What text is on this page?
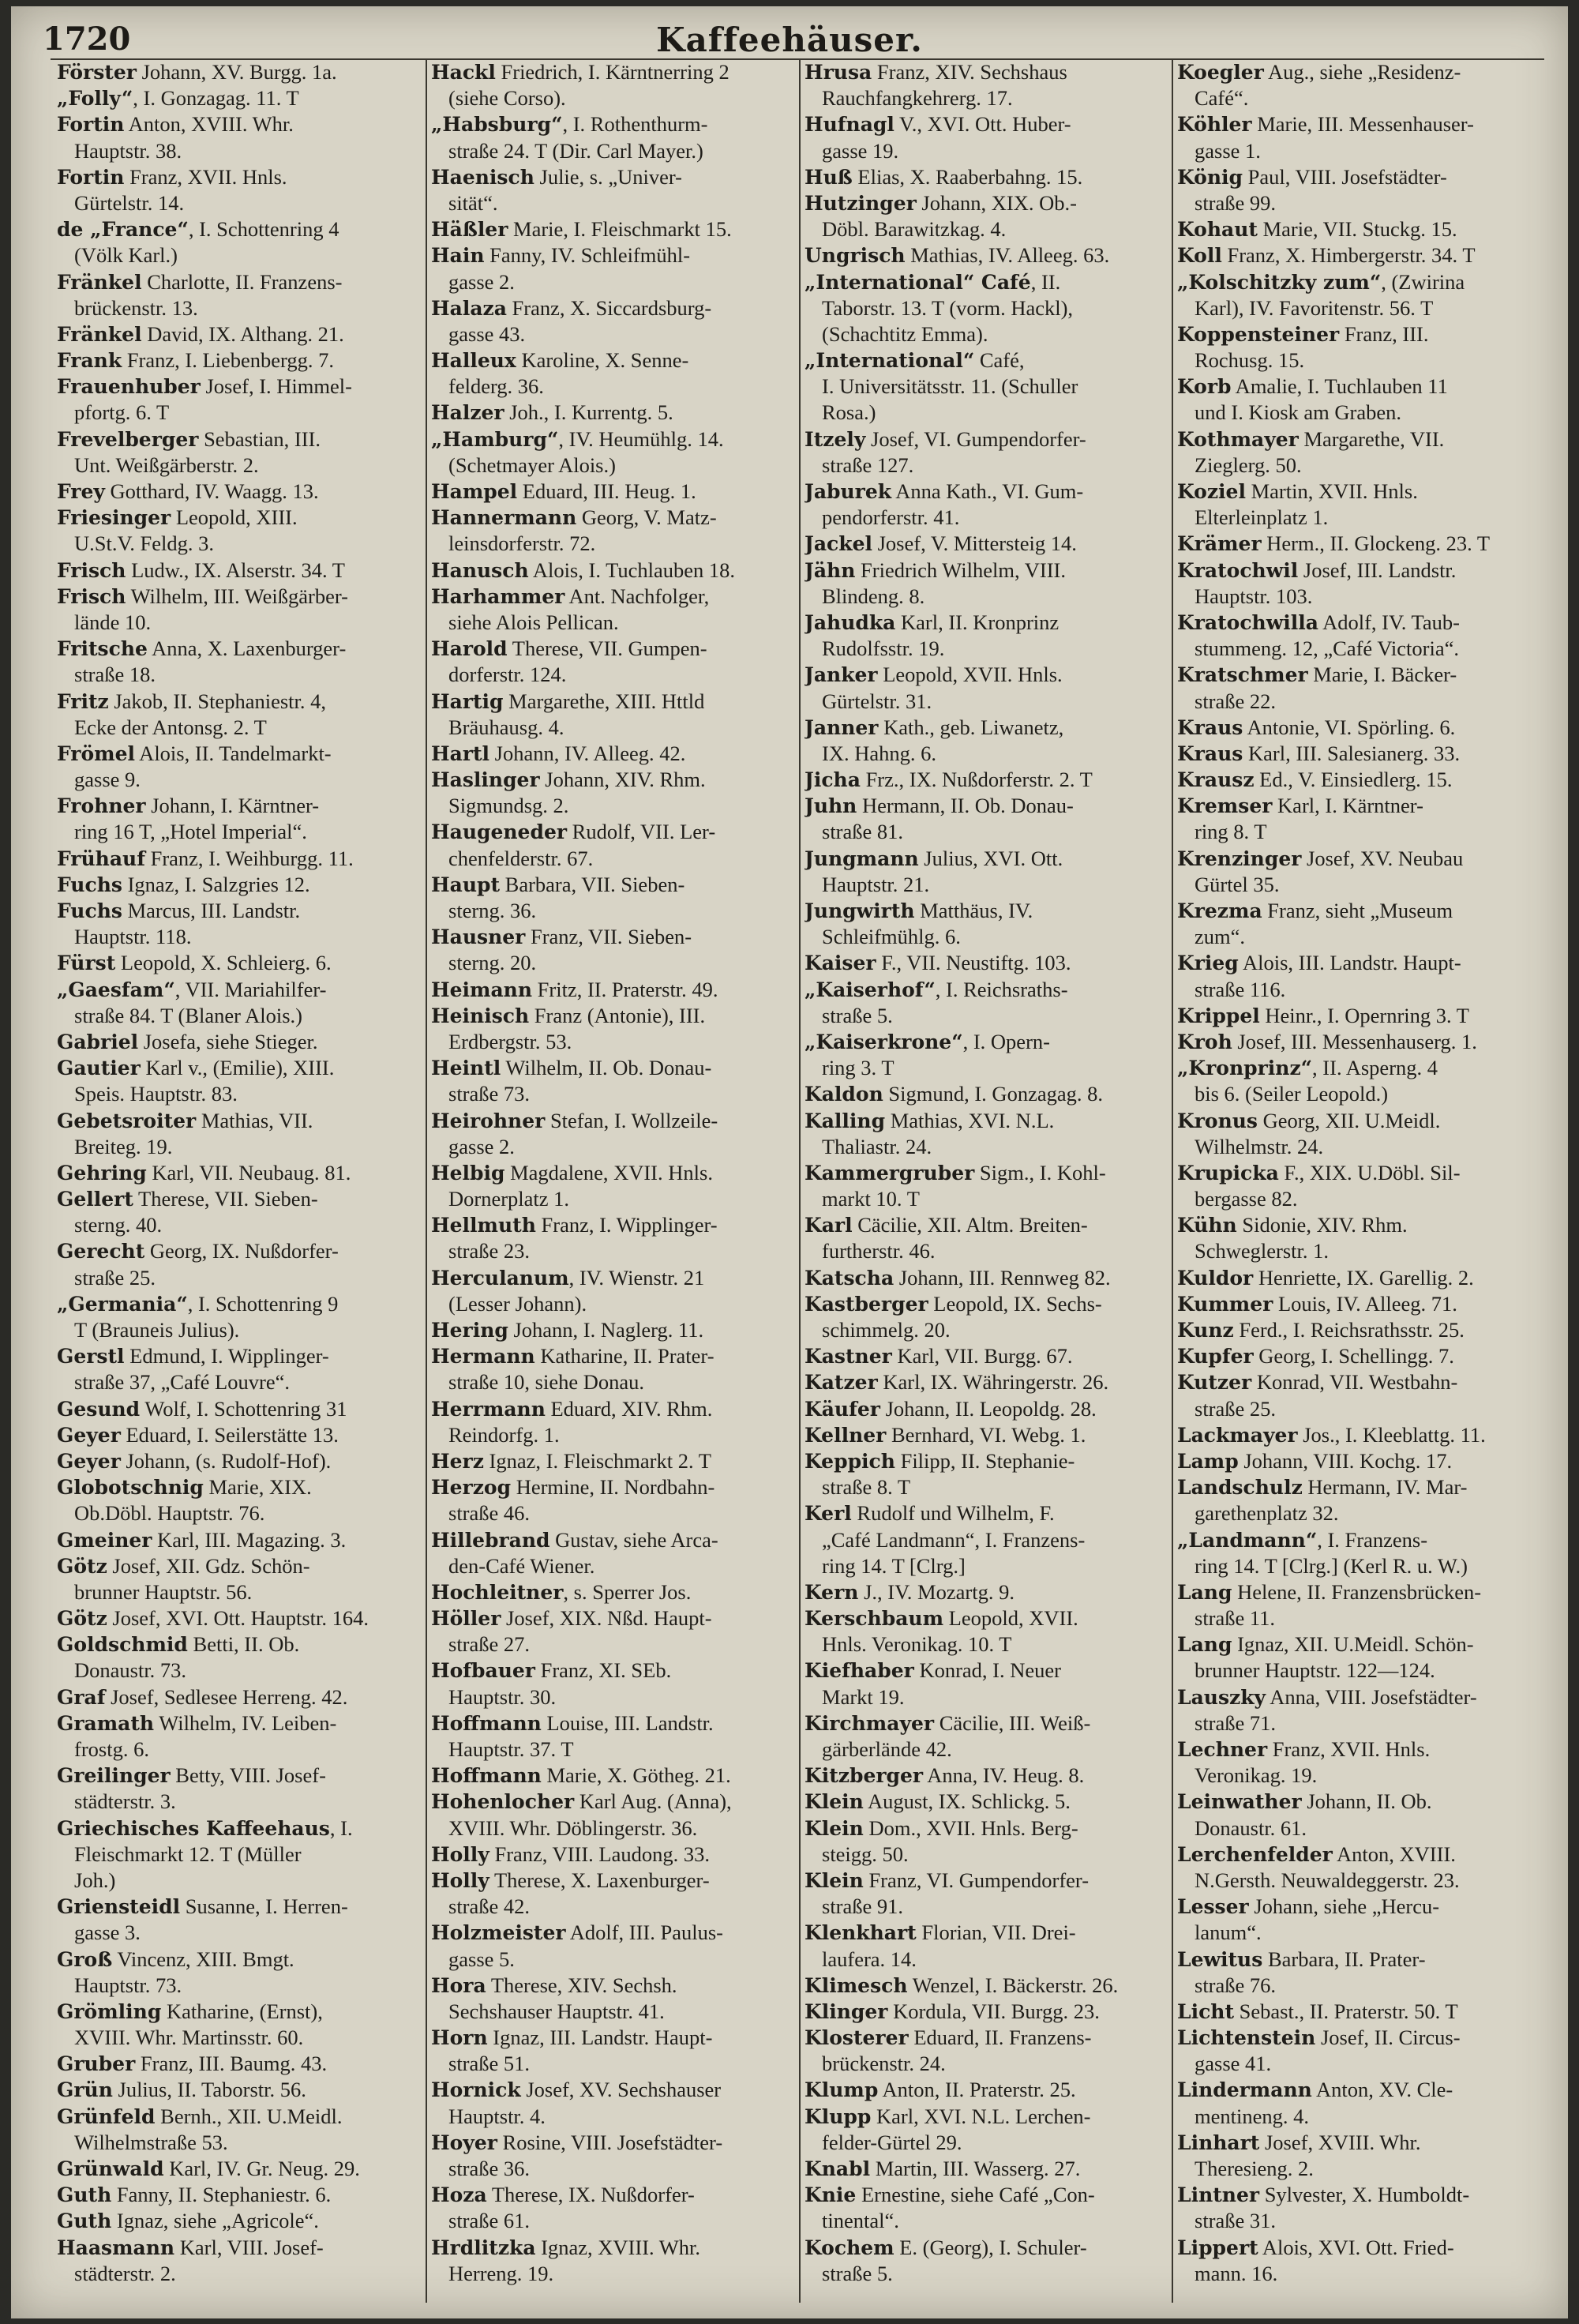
1720	Kaffeehäuser.
Förster Johann, XV. Burgg. 1a.
„Folly“, I. Gonzagag. 11. T
Fortin Anton, XVIII. Whr.
Hauptstr. 38.
Fortin Franz, XVII. Hnls.
Gürtelstr. 14.
de „France“, I. Schottenring 4
(Völk Karl.)
Fränkel Charlotte, II. Franzens-
brückenstr. 13.
Fränkel David, IX. Althang. 21.
Frank Franz, I. Liebenbergg. 7.
Frauenhuber Josef, I. Himmel-
pfortg. 6. T
Frevelberger Sebastian, III.
Unt. Weißgärberstr. 2.
Frey Gotthard, IV. Waagg. 13.
Friesinger Leopold, XIII.
U.St.V. Feldg. 3.
Frisch Ludw., IX. Alserstr. 34. T
Frisch Wilhelm, III. Weißgärber-
lände 10.
Fritsche Anna, X. Laxenburger-
straße 18.
Fritz Jakob, II. Stephaniestr. 4,
Ecke der Antonsg. 2. T
Frömel Alois, II. Tandelmarkt-
gasse 9.
Frohner Johann, I. Kärntner-
ring 16 T, „Hotel Imperial“.
Frühauf Franz, I. Weihburgg. 11.
Fuchs Ignaz, I. Salzgries 12.
Fuchs Marcus, III. Landstr.
Hauptstr. 118.
Fürst Leopold, X. Schleierg. 6.
„Gaesfam“, VII. Mariahilfer-
straße 84. T (Blaner Alois.)
Gabriel Josefa, siehe Stieger.
Gautier Karl v., (Emilie), XIII.
Speis. Hauptstr. 83.
Gebetsroiter Mathias, VII.
Breiteg. 19.
Gehring Karl, VII. Neubaug. 81.
Gellert Therese, VII. Sieben-
sterng. 40.
Gerecht Georg, IX. Nußdorfer-
straße 25.
„Germania“, I. Schottenring 9
T (Brauneis Julius).
Gerstl Edmund, I. Wipplinger-
straße 37, „Café Louvre“.
Gesund Wolf, I. Schottenring 31
Geyer Eduard, I. Seilerstätte 13.
Geyer Johann, (s. Rudolf-Hof).
Globotschnig Marie, XIX.
Ob.Döbl. Hauptstr. 76.
Gmeiner Karl, III. Magazing. 3.
Götz Josef, XII. Gdz. Schön-
brunner Hauptstr. 56.
Götz Josef, XVI. Ott. Hauptstr. 164.
Goldschmid Betti, II. Ob.
Donaustr. 73.
Graf Josef, Sedlesee Herreng. 42.
Gramath Wilhelm, IV. Leiben-
frostg. 6.
Greilinger Betty, VIII. Josef-
städterstr. 3.
Griechisches Kaffeehaus, I.
Fleischmarkt 12. T (Müller
Joh.)
Griensteidl Susanne, I. Herren-
gasse 3.
Groß Vincenz, XIII. Bmgt.
Hauptstr. 73.
Grömling Katharine, (Ernst),
XVIII. Whr. Martinsstr. 60.
Gruber Franz, III. Baumg. 43.
Grün Julius, II. Taborstr. 56.
Grünfeld Bernh., XII. U.Meidl.
Wilhelmstraße 53.
Grünwald Karl, IV. Gr. Neug. 29.
Guth Fanny, II. Stephaniestr. 6.
Guth Ignaz, siehe „Agricole“.
Haasmann Karl, VIII. Josef-
städterstr. 2.
Hackl Friedrich, I. Kärntnerring 2
(siehe Corso).
„Habsburg“, I. Rothenthurm-
straße 24. T (Dir. Carl Mayer.)
Haenisch Julie, s. „Univer-
sität“.
Häßler Marie, I. Fleischmarkt 15.
Hain Fanny, IV. Schleifmühl-
gasse 2.
Halaza Franz, X. Siccardsburg-
gasse 43.
Halleux Karoline, X. Senne-
felderg. 36.
Halzer Joh., I. Kurrentg. 5.
„Hamburg“, IV. Heumühlg. 14.
(Schetmayer Alois.)
Hampel Eduard, III. Heug. 1.
Hannermann Georg, V. Matz-
leinsdorferstr. 72.
Hanusch Alois, I. Tuchlauben 18.
Harhammer Ant. Nachfolger,
siehe Alois Pellican.
Harold Therese, VII. Gumpen-
dorferstr. 124.
Hartig Margarethe, XIII. Httld
Bräuhausg. 4.
Hartl Johann, IV. Alleeg. 42.
Haslinger Johann, XIV. Rhm.
Sigmundsg. 2.
Haugeneder Rudolf, VII. Ler-
chenfelderstr. 67.
Haupt Barbara, VII. Sieben-
sterng. 36.
Hausner Franz, VII. Sieben-
sterng. 20.
Heimann Fritz, II. Praterstr. 49.
Heinisch Franz (Antonie), III.
Erdbergstr. 53.
Heintl Wilhelm, II. Ob. Donau-
straße 73.
Heirohner Stefan, I. Wollzeile-
gasse 2.
Helbig Magdalene, XVII. Hnls.
Dornerplatz 1.
Hellmuth Franz, I. Wipplinger-
straße 23.
Herculanum, IV. Wienstr. 21
(Lesser Johann).
Hering Johann, I. Naglerg. 11.
Hermann Katharine, II. Prater-
straße 10, siehe Donau.
Herrmann Eduard, XIV. Rhm.
Reindorfg. 1.
Herz Ignaz, I. Fleischmarkt 2. T
Herzog Hermine, II. Nordbahn-
straße 46.
Hillebrand Gustav, siehe Arca-
den-Café Wiener.
Hochleitner, s. Sperrer Jos.
Höller Josef, XIX. Nßd. Haupt-
straße 27.
Hofbauer Franz, XI. SEb.
Hauptstr. 30.
Hoffmann Louise, III. Landstr.
Hauptstr. 37. T
Hoffmann Marie, X. Götheg. 21.
Hohenlocher Karl Aug. (Anna),
XVIII. Whr. Döblingerstr. 36.
Holly Franz, VIII. Laudong. 33.
Holly Therese, X. Laxenburger-
straße 42.
Holzmeister Adolf, III. Paulus-
gasse 5.
Hora Therese, XIV. Sechsh.
Sechshauser Hauptstr. 41.
Horn Ignaz, III. Landstr. Haupt-
straße 51.
Hornick Josef, XV. Sechshauser
Hauptstr. 4.
Hoyer Rosine, VIII. Josefstädter-
straße 36.
Hoza Therese, IX. Nußdorfer-
straße 61.
Hrdlitzka Ignaz, XVIII. Whr.
Herreng. 19.
Hrusa Franz, XIV. Sechshaus
Rauchfangkehrerg. 17.
Hufnagl V., XVI. Ott. Huber-
gasse 19.
Huß Elias, X. Raaberbahng. 15.
Hutzinger Johann, XIX. Ob.-
Döbl. Barawitzkag. 4.
Ungrisch Mathias, IV. Alleeg. 63.
„International“ Café, II.
Taborstr. 13. T (vorm. Hackl),
(Schachtitz Emma).
„International“ Café,
I. Universitätsstr. 11. (Schuller
Rosa.)
Itzely Josef, VI. Gumpendorfer-
straße 127.
Jaburek Anna Kath., VI. Gum-
pendorferstr. 41.
Jackel Josef, V. Mittersteig 14.
Jähn Friedrich Wilhelm, VIII.
Blindeng. 8.
Jahudka Karl, II. Kronprinz
Rudolfsstr. 19.
Janker Leopold, XVII. Hnls.
Gürtelstr. 31.
Janner Kath., geb. Liwanetz,
IX. Hahng. 6.
Jicha Frz., IX. Nußdorferstr. 2. T
Juhn Hermann, II. Ob. Donau-
straße 81.
Jungmann Julius, XVI. Ott.
Hauptstr. 21.
Jungwirth Matthäus, IV.
Schleifmühlg. 6.
Kaiser F., VII. Neustiftg. 103.
„Kaiserhof“, I. Reichsraths-
straße 5.
„Kaiserkrone“, I. Opern-
ring 3. T
Kaldon Sigmund, I. Gonzagag. 8.
Kalling Mathias, XVI. N.L.
Thaliastr. 24.
Kammergruber Sigm., I. Kohl-
markt 10. T
Karl Cäcilie, XII. Altm. Breiten-
furtherstr. 46.
Katscha Johann, III. Rennweg 82.
Kastberger Leopold, IX. Sechs-
schimmelg. 20.
Kastner Karl, VII. Burgg. 67.
Katzer Karl, IX. Währingerstr. 26.
Käufer Johann, II. Leopoldg. 28.
Kellner Bernhard, VI. Webg. 1.
Keppich Filipp, II. Stephanie-
straße 8. T
Kerl Rudolf und Wilhelm, F.
„Café Landmann“, I. Franzens-
ring 14. T [Clrg.]
Kern J., IV. Mozartg. 9.
Kerschbaum Leopold, XVII.
Hnls. Veronikag. 10. T
Kiefhaber Konrad, I. Neuer
Markt 19.
Kirchmayer Cäcilie, III. Weiß-
gärberlände 42.
Kitzberger Anna, IV. Heug. 8.
Klein August, IX. Schlickg. 5.
Klein Dom., XVII. Hnls. Berg-
steigg. 50.
Klein Franz, VI. Gumpendorfer-
straße 91.
Klenkhart Florian, VII. Drei-
laufera. 14.
Klimesch Wenzel, I. Bäckerstr. 26.
Klinger Kordula, VII. Burgg. 23.
Klosterer Eduard, II. Franzens-
brückenstr. 24.
Klump Anton, II. Praterstr. 25.
Klupp Karl, XVI. N.L. Lerchen-
felder-Gürtel 29.
Knabl Martin, III. Wasserg. 27.
Knie Ernestine, siehe Café „Con-
tinental“.
Kochem E. (Georg), I. Schuler-
straße 5.
Koegler Aug., siehe „Residenz-
Café“.
Köhler Marie, III. Messenhauser-
gasse 1.
König Paul, VIII. Josefstädter-
straße 99.
Kohaut Marie, VII. Stuckg. 15.
Koll Franz, X. Himbergerstr. 34. T
„Kolschitzky zum“, (Zwirina
Karl), IV. Favoritenstr. 56. T
Koppensteiner Franz, III.
Rochusg. 15.
Korb Amalie, I. Tuchlauben 11
und I. Kiosk am Graben.
Kothmayer Margarethe, VII.
Zieglerg. 50.
Koziel Martin, XVII. Hnls.
Elterleinplatz 1.
Krämer Herm., II. Glockeng. 23. T
Kratochwil Josef, III. Landstr.
Hauptstr. 103.
Kratochwilla Adolf, IV. Taub-
stummeng. 12, „Café Victoria“.
Kratschmer Marie, I. Bäcker-
straße 22.
Kraus Antonie, VI. Spörling. 6.
Kraus Karl, III. Salesianerg. 33.
Krausz Ed., V. Einsiedlerg. 15.
Kremser Karl, I. Kärntner-
ring 8. T
Krenzinger Josef, XV. Neubau
Gürtel 35.
Krezma Franz, sieht „Museum
zum“.
Krieg Alois, III. Landstr. Haupt-
straße 116.
Krippel Heinr., I. Opernring 3. T
Kroh Josef, III. Messenhauserg. 1.
„Kronprinz“, II. Asperng. 4
bis 6. (Seiler Leopold.)
Kronus Georg, XII. U.Meidl.
Wilhelmstr. 24.
Krupicka F., XIX. U.Döbl. Sil-
bergasse 82.
Kühn Sidonie, XIV. Rhm.
Schweglerstr. 1.
Kuldor Henriette, IX. Garellig. 2.
Kummer Louis, IV. Alleeg. 71.
Kunz Ferd., I. Reichsrathsstr. 25.
Kupfer Georg, I. Schellingg. 7.
Kutzer Konrad, VII. Westbahn-
straße 25.
Lackmayer Jos., I. Kleeblattg. 11.
Lamp Johann, VIII. Kochg. 17.
Landschulz Hermann, IV. Mar-
garethenplatz 32.
„Landmann“, I. Franzens-
ring 14. T [Clrg.] (Kerl R. u. W.)
Lang Helene, II. Franzensbrücken-
straße 11.
Lang Ignaz, XII. U.Meidl. Schön-
brunner Hauptstr. 122—124.
Lauszky Anna, VIII. Josefstädter-
straße 71.
Lechner Franz, XVII. Hnls.
Veronikag. 19.
Leinwather Johann, II. Ob.
Donaustr. 61.
Lerchenfelder Anton, XVIII.
N.Gersth. Neuwaldeggerstr. 23.
Lesser Johann, siehe „Hercu-
lanum“.
Lewitus Barbara, II. Prater-
straße 76.
Licht Sebast., II. Praterstr. 50. T
Lichtenstein Josef, II. Circus-
gasse 41.
Lindermann Anton, XV. Cle-
mentineng. 4.
Linhart Josef, XVIII. Whr.
Theresieng. 2.
Lintner Sylvester, X. Humboldt-
straße 31.
Lippert Alois, XVI. Ott. Fried-
mann. 16.
